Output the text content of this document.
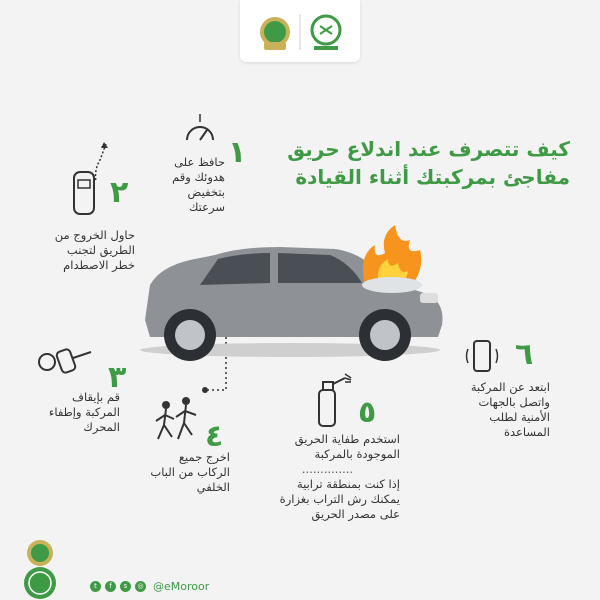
كيف تتصرف عند اندلاع حريق
مفاجئ بمركبتك أثناء القيادة
١
حافظ على
هدوئك وقم
بتخفيض سرعتك
٢
حاول الخروج من
الطريق لتجنب
خطر الاصطدام
٣
قم بإيقاف
المركبة وإطفاء
المحرك	٤
اخرج جميع
الركاب من الباب
الخلفي
٥
استخدم طفاية الحريق
الموجودة بالمركبة
..............
إذا كنت بمنطقة ترابية
يمكنك رش التراب بغزارة
على مصدر الحريق
٦
ابتعد عن المركبة
واتصل بالجهات
الأمنية لطلب
المساعدة
t	f	s	◎ @eMoroor
